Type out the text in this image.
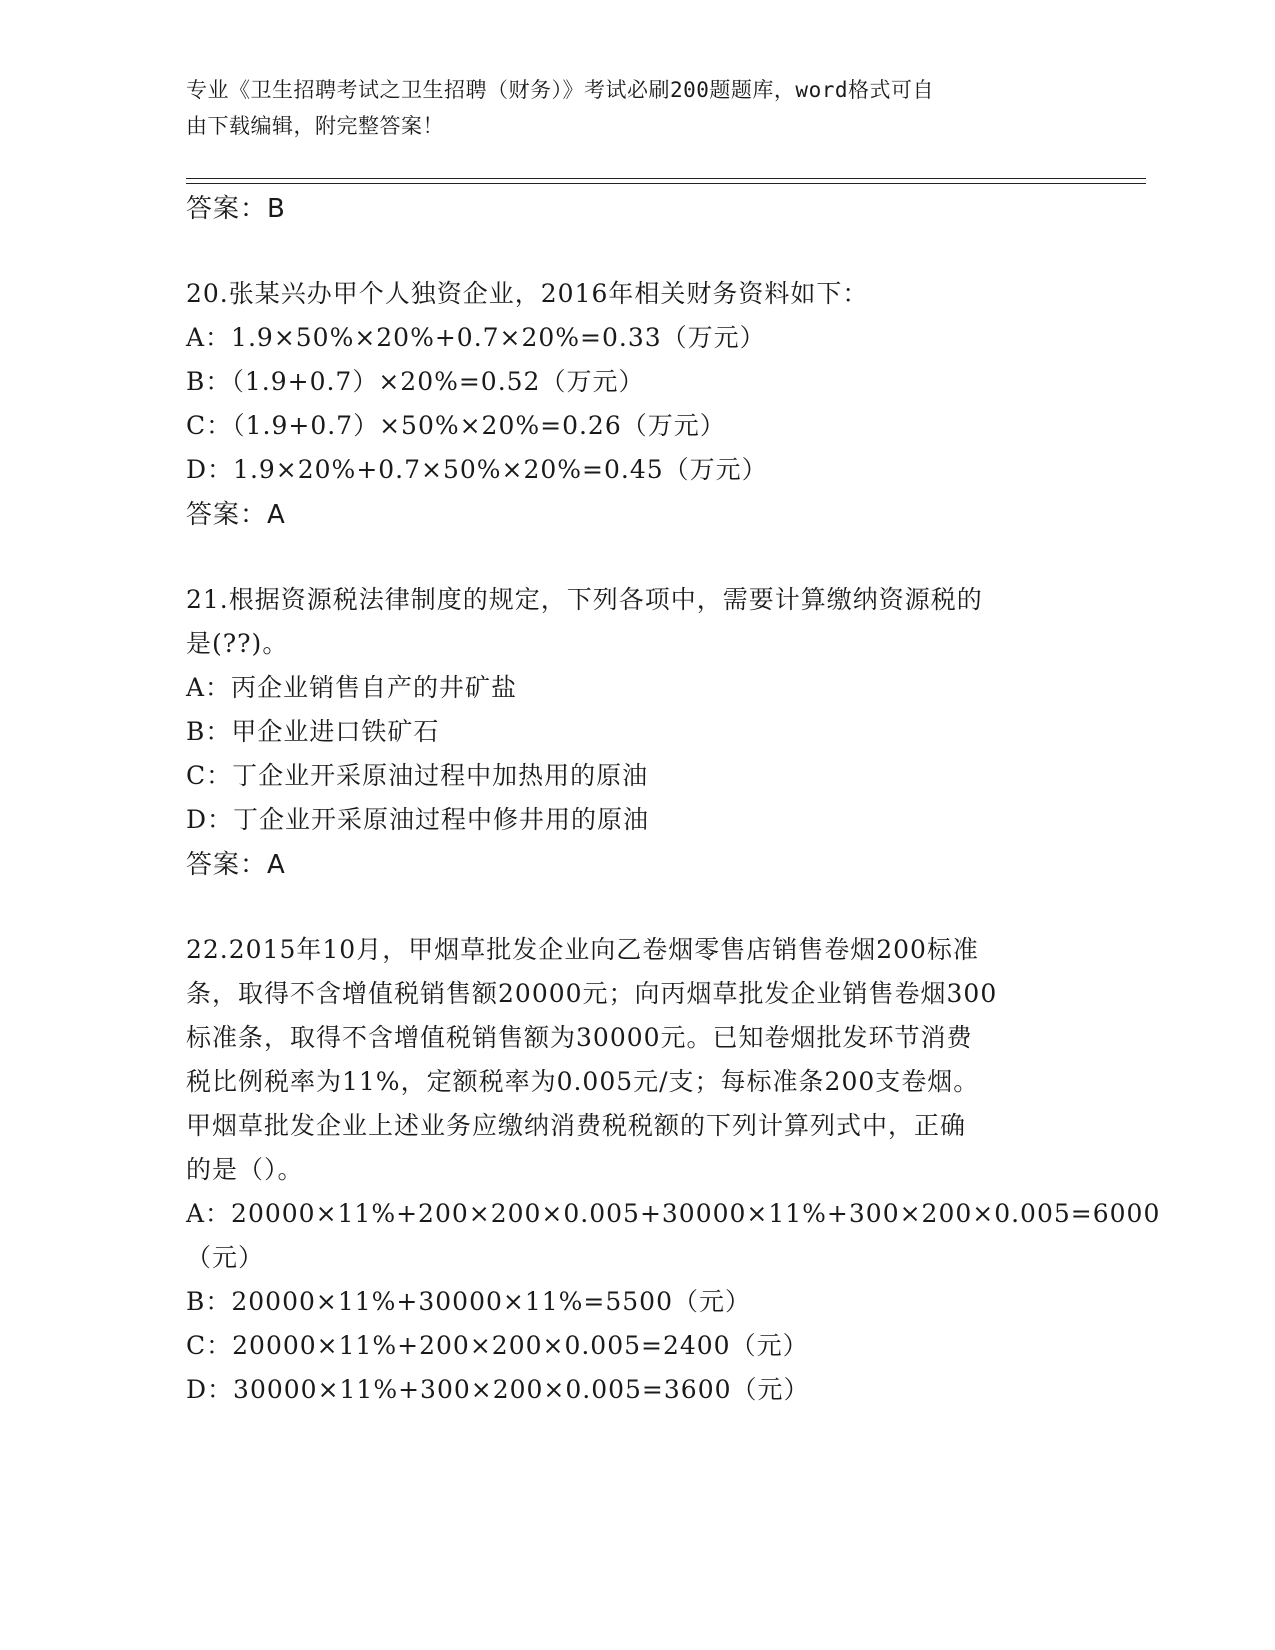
专业《卫生招聘考试之卫生招聘（财务）》考试必刷200题题库，word格式可自
由下载编辑，附完整答案！
答案：B
20.张某兴办甲个人独资企业，2016年相关财务资料如下：
A：1.9×50%×20%+0.7×20%=0.33（万元）
B：（1.9+0.7）×20%=0.52（万元）
C：（1.9+0.7）×50%×20%=0.26（万元）
D：1.9×20%+0.7×50%×20%=0.45（万元）
答案：A
21.根据资源税法律制度的规定，下列各项中，需要计算缴纳资源税的
是(??)。
A：丙企业销售自产的井矿盐
B：甲企业进口铁矿石
C：丁企业开采原油过程中加热用的原油
D：丁企业开采原油过程中修井用的原油
答案：A
22.2015年10月，甲烟草批发企业向乙卷烟零售店销售卷烟200标准
条，取得不含增值税销售额20000元；向丙烟草批发企业销售卷烟300
标准条，取得不含增值税销售额为30000元。已知卷烟批发环节消费
税比例税率为11%，定额税率为0.005元/支；每标准条200支卷烟。
甲烟草批发企业上述业务应缴纳消费税税额的下列计算列式中，正确
的是（）。
A：20000×11%+200×200×0.005+30000×11%+300×200×0.005=6000
（元）
B：20000×11%+30000×11%=5500（元）
C：20000×11%+200×200×0.005=2400（元）
D：30000×11%+300×200×0.005=3600（元）
